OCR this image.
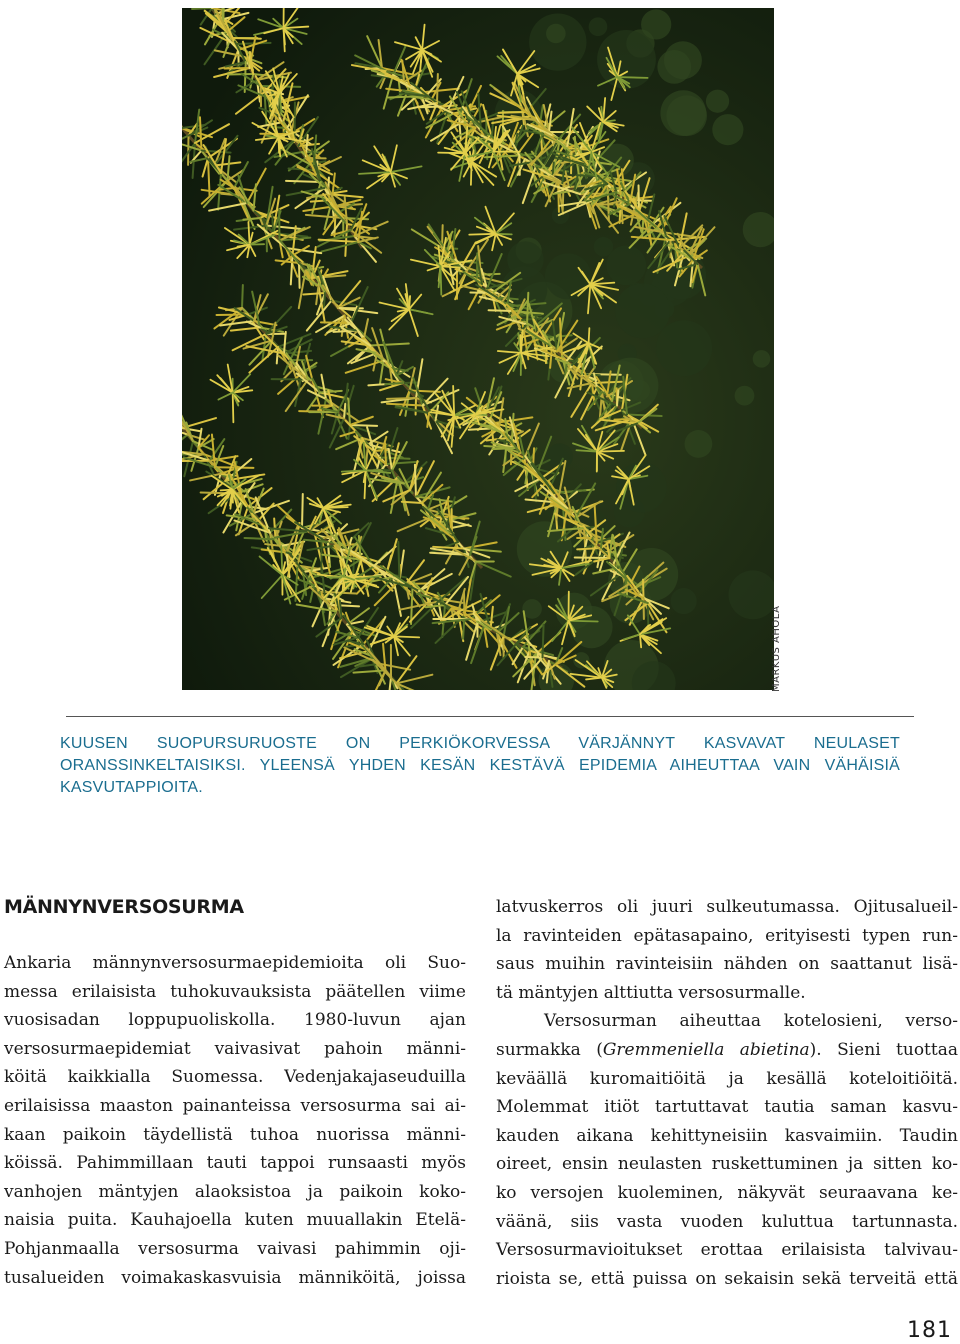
MARKUS AHOLA
KUUSEN SUOPURSURUOSTE ON PERKIÖKORVESSA VÄRJÄNNYT KASVAVAT NEULASET
ORANSSINKELTAISIKSI. YLEENSÄ YHDEN KESÄN KESTÄVÄ EPIDEMIA AIHEUTTAA VAIN VÄHÄISIÄ
KASVUTAPPIOITA.
MÄNNYNVERSOSURMA
Ankaria männynversosurmaepidemioita oli Suo-
messa erilaisista tuhokuvauksista päätellen viime
vuosisadan loppupuoliskolla. 1980-luvun ajan
versosurmaepidemiat vaivasivat pahoin männi-
köitä kaikkialla Suomessa. Vedenjakajaseuduilla
erilaisissa maaston painanteissa versosurma sai ai-
kaan paikoin täydellistä tuhoa nuorissa männi-
köissä. Pahimmillaan tauti tappoi runsaasti myös
vanhojen mäntyjen alaoksistoa ja paikoin koko-
naisia puita. Kauhajoella kuten muuallakin Etelä-
Pohjanmaalla versosurma vaivasi pahimmin oji-
tusalueiden voimakaskasvuisia männiköitä, joissa
latvuskerros oli juuri sulkeutumassa. Ojitusalueil-
la ravinteiden epätasapaino, erityisesti typen run-
saus muihin ravinteisiin nähden on saattanut lisä-
tä mäntyjen alttiutta versosurmalle.
Versosurman aiheuttaa kotelosieni, verso-
surmakka (Gremmeniella abietina). Sieni tuottaa
keväällä kuromaitiöitä ja kesällä koteloitiöitä.
Molemmat itiöt tartuttavat tautia saman kasvu-
kauden aikana kehittyneisiin kasvaimiin. Taudin
oireet, ensin neulasten ruskettuminen ja sitten ko-
ko versojen kuoleminen, näkyvät seuraavana ke-
väänä, siis vasta vuoden kuluttua tartunnasta.
Versosurmavioitukset erottaa erilaisista talvivau-
rioista se, että puissa on sekaisin sekä terveitä että
181
